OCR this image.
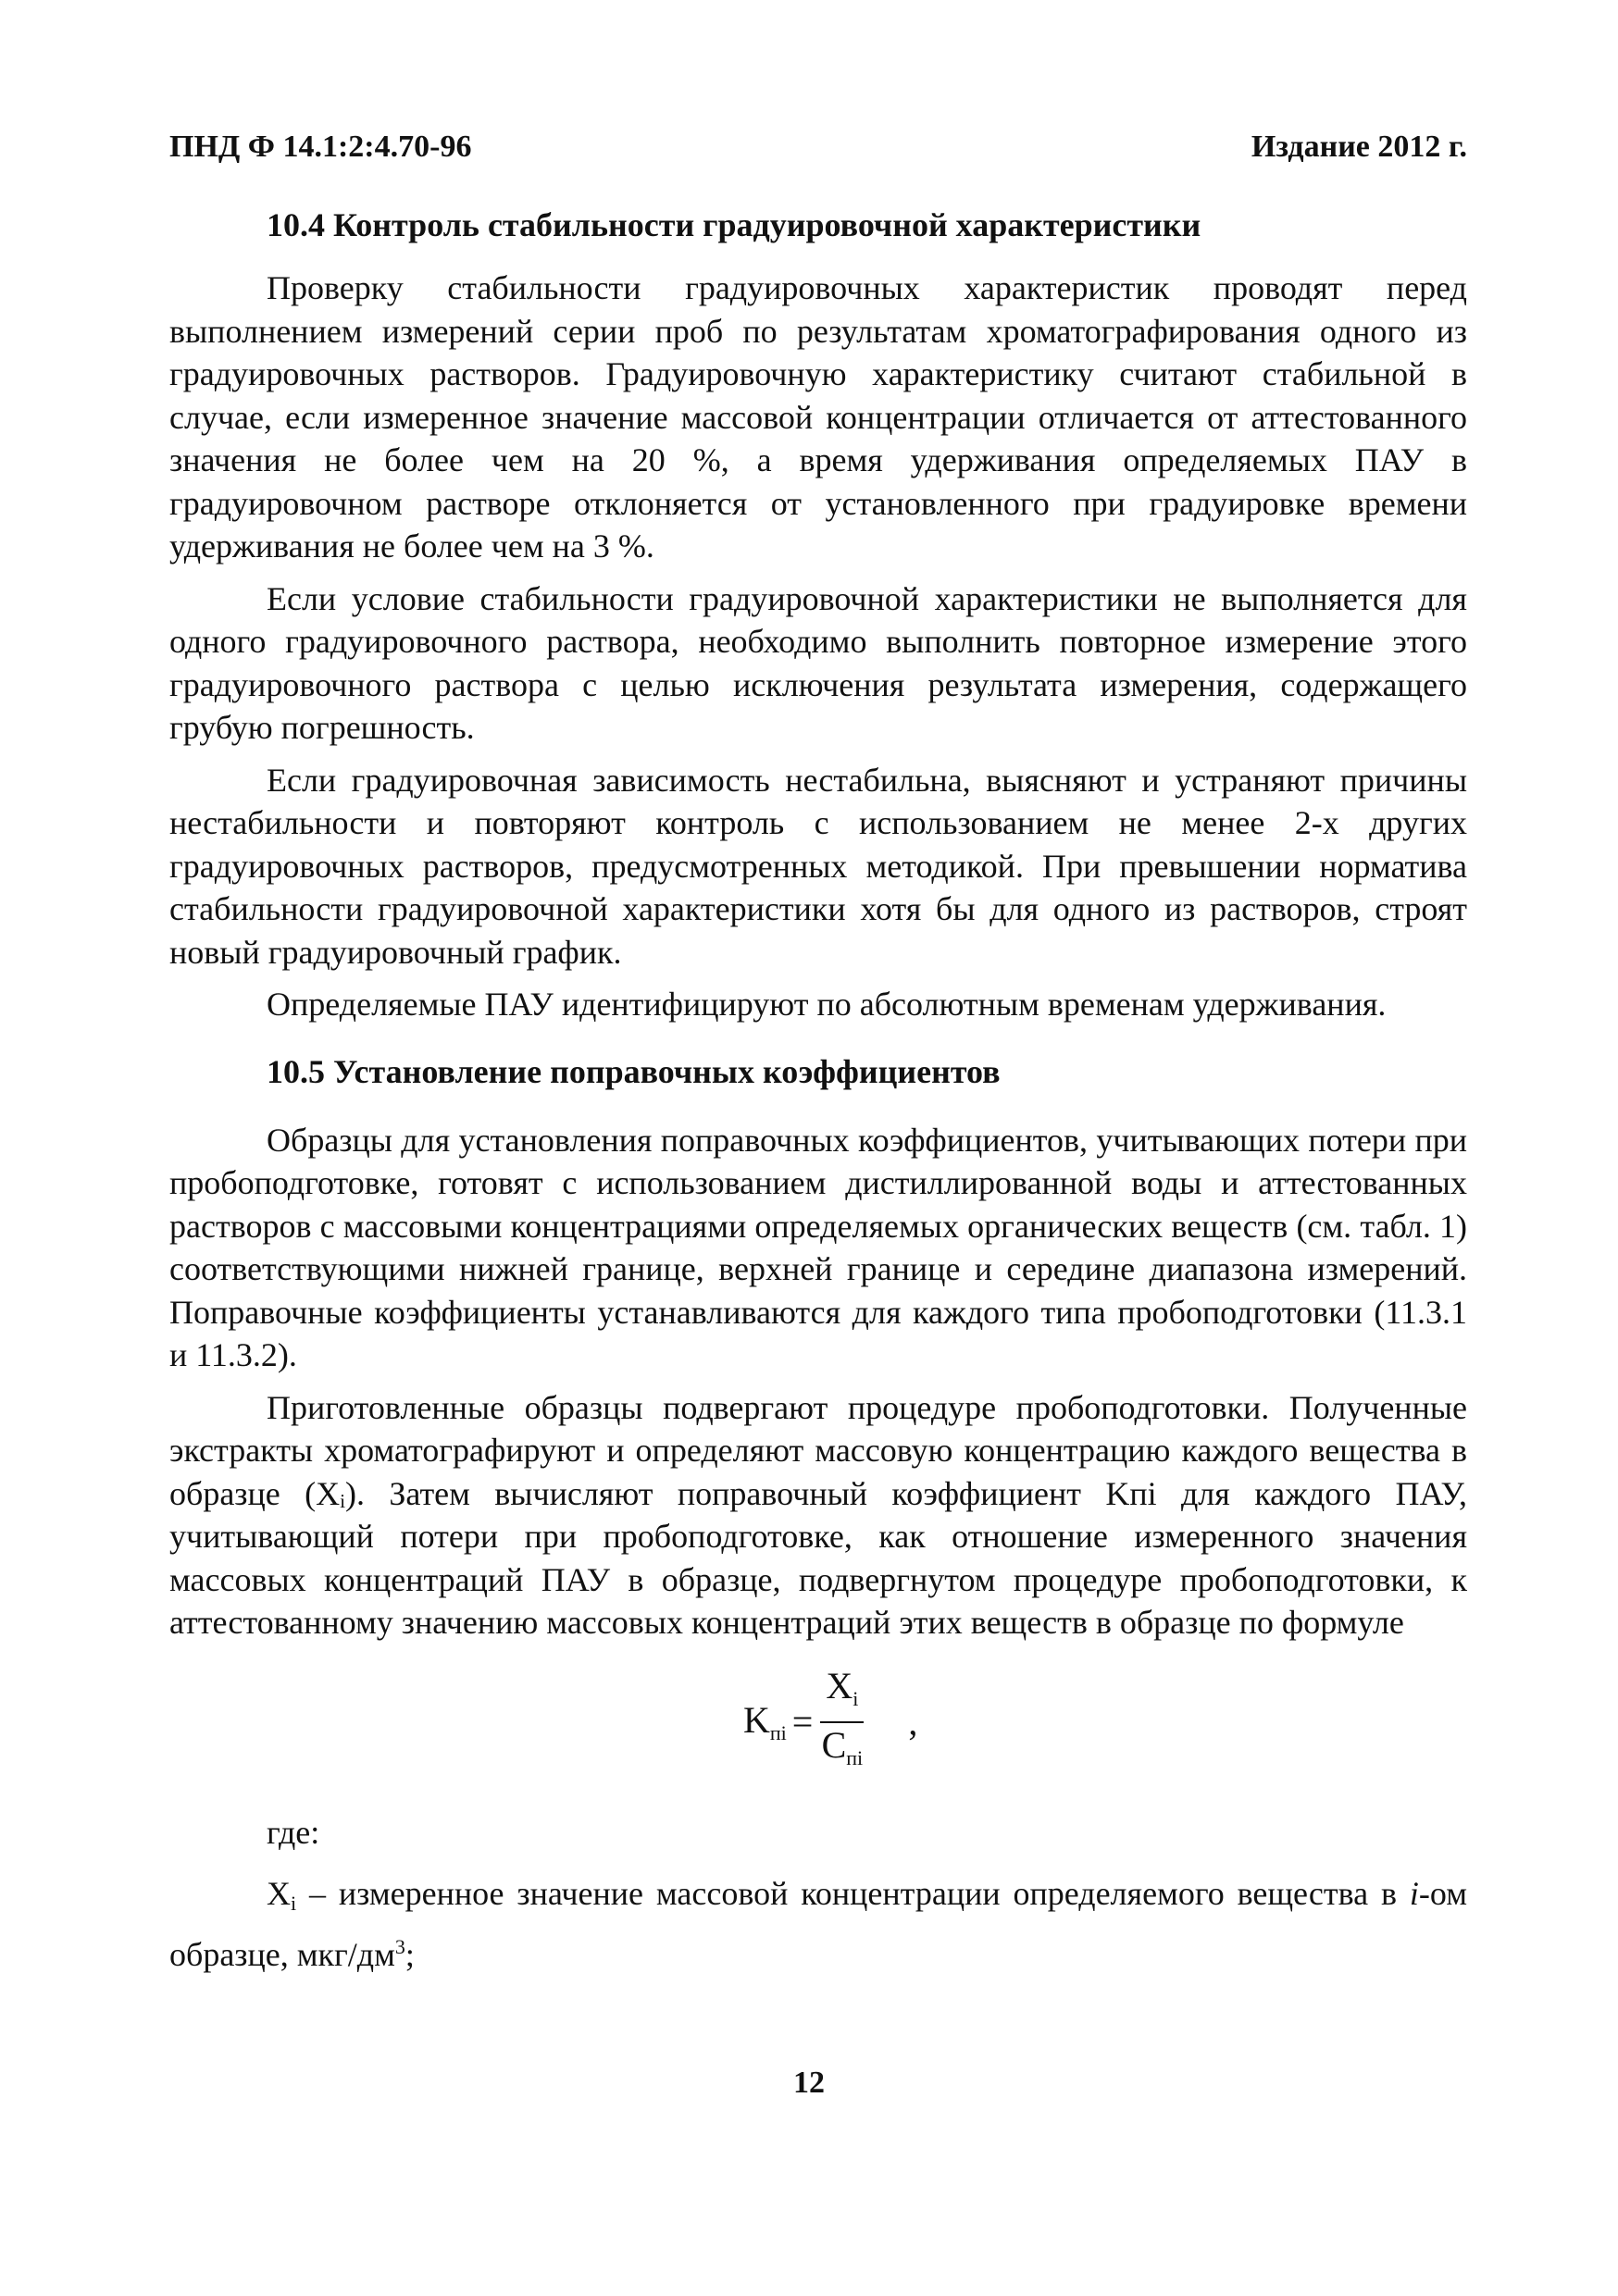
ПНД Ф 14.1:2:4.70-96	Издание 2012 г.
10.4 Контроль стабильности градуировочной характеристики

Проверку стабильности градуировочных характеристик проводят перед выполнением измерений серии проб по результатам хроматографирования одного из градуировочных растворов. Градуировочную характеристику считают стабильной в случае, если измеренное значение массовой концентрации отличается от аттестованного значения не более чем на 20 %, а время удерживания определяемых ПАУ в градуировочном растворе отклоняется от установленного при градуировке времени удерживания не более чем на 3 %.

Если условие стабильности градуировочной характеристики не выполняется для одного градуировочного раствора, необходимо выполнить повторное измерение этого градуировочного раствора с целью исключения результата измерения, содержащего грубую погрешность.

Если градуировочная зависимость нестабильна, выясняют и устраняют причины нестабильности и повторяют контроль с использованием не менее 2-х других градуировочных растворов, предусмотренных методикой. При превышении норматива стабильности градуировочной характеристики хотя бы для одного из растворов, строят новый градуировочный график.

Определяемые ПАУ идентифицируют по абсолютным временам удерживания.

10.5 Установление поправочных коэффициентов

Образцы для установления поправочных коэффициентов, учитывающих потери при пробоподготовке, готовят с использованием дистиллированной воды и аттестованных растворов с массовыми концентрациями определяемых органических веществ (см. табл. 1) соответствующими нижней границе, верхней границе и середине диапазона измерений. Поправочные коэффициенты устанавливаются для каждого типа пробоподготовки (11.3.1 и 11.3.2).

Приготовленные образцы подвергают процедуре пробоподготовки. Полученные экстракты хроматографируют и определяют массовую концентрацию каждого вещества в образце (Xᵢ). Затем вычисляют поправочный коэффициент Kпi для каждого ПАУ, учитывающий потери при пробоподготовке, как отношение измеренного значения массовых концентраций ПАУ в образце, подвергнутом процедуре пробоподготовки, к аттестованному значению массовых концентраций этих веществ в образце по формуле

$K_{пi} = \frac{X_i}{C_{пi}}$ ,
где:

Xi – измеренное значение массовой концентрации определяемого вещества в i-ом образце, мкг/$дм^3$;

12
